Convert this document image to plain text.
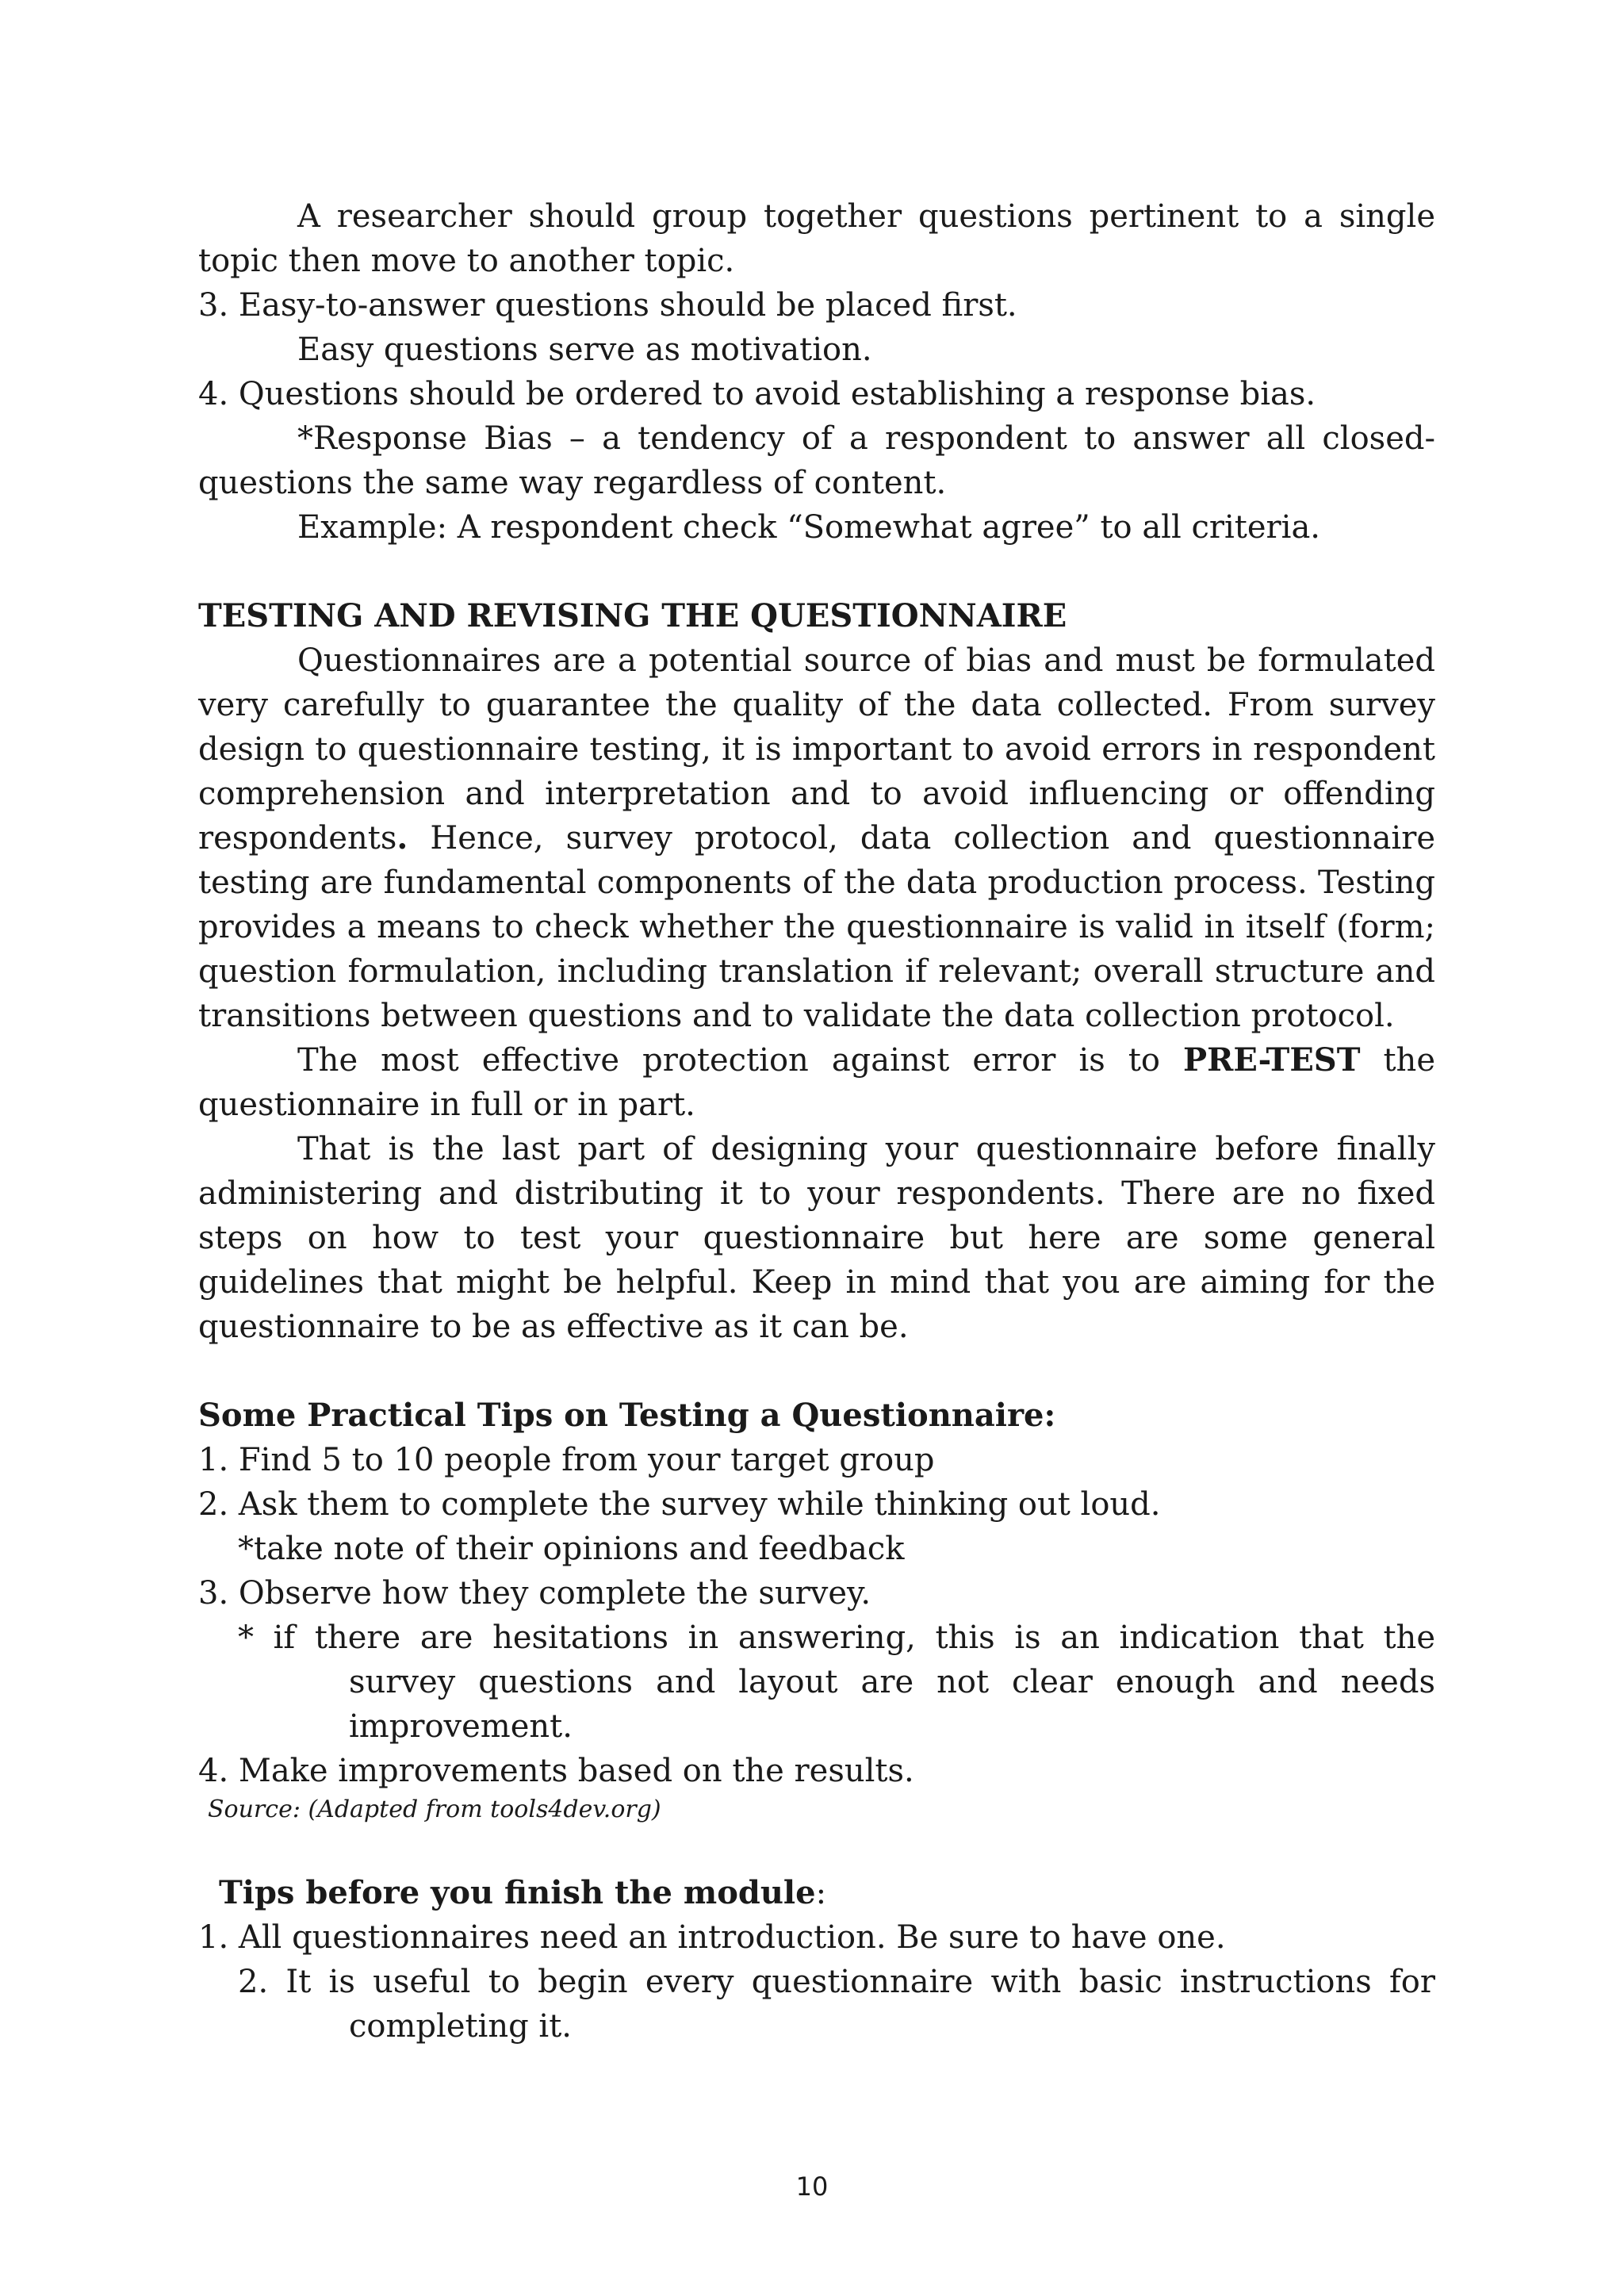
A researcher should group together questions pertinent to a single topic then move to another topic.

3. Easy-to-answer questions should be placed first.

Easy questions serve as motivation.

4. Questions should be ordered to avoid establishing a response bias.

*Response Bias – a tendency of a respondent to answer all closed-questions the same way regardless of content.

Example: A respondent check “Somewhat agree” to all criteria.

TESTING AND REVISING THE QUESTIONNAIRE

Questionnaires are a potential source of bias and must be formulated very carefully to guarantee the quality of the data collected. From survey design to questionnaire testing, it is important to avoid errors in respondent comprehension and interpretation and to avoid influencing or offending respondents. Hence, survey protocol, data collection and questionnaire testing are fundamental components of the data production process. Testing provides a means to check whether the questionnaire is valid in itself (form; question formulation, including translation if relevant; overall structure and transitions between questions and to validate the data collection protocol.

The most effective protection against error is to PRE-TEST the questionnaire in full or in part.

That is the last part of designing your questionnaire before finally administering and distributing it to your respondents. There are no fixed steps on how to test your questionnaire but here are some general guidelines that might be helpful. Keep in mind that you are aiming for the questionnaire to be as effective as it can be.

Some Practical Tips on Testing a Questionnaire:

1. Find 5 to 10 people from your target group

2. Ask them to complete the survey while thinking out loud.

*take note of their opinions and feedback

3. Observe how they complete the survey.

* if there are hesitations in answering, this is an indication that the survey questions and layout are not clear enough and needs improvement.

4. Make improvements based on the results.

Source: (Adapted from tools4dev.org)

Tips before you finish the module:

1. All questionnaires need an introduction. Be sure to have one.

2. It is useful to begin every questionnaire with basic instructions for completing it.

10
